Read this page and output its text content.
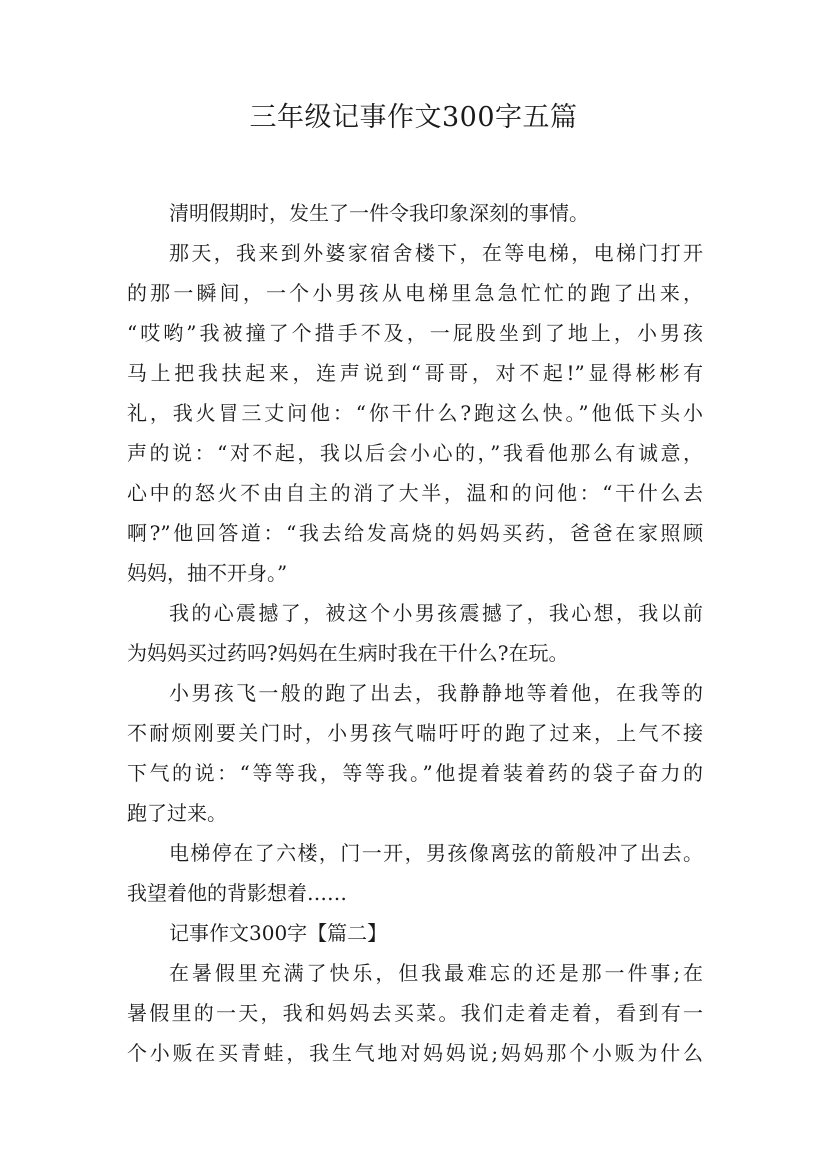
三年级记事作文300字五篇
清明假期时，发生了一件令我印象深刻的事情。
那天，我来到外婆家宿舍楼下，在等电梯，电梯门打开
的那一瞬间，一个小男孩从电梯里急急忙忙的跑了出来，
“哎哟”我被撞了个措手不及，一屁股坐到了地上，小男孩
马上把我扶起来，连声说到“哥哥，对不起!”显得彬彬有
礼，我火冒三丈问他：“你干什么?跑这么快。”他低下头小
声的说：“对不起，我以后会小心的，”我看他那么有诚意，
心中的怒火不由自主的消了大半，温和的问他：“干什么去
啊?”他回答道：“我去给发高烧的妈妈买药，爸爸在家照顾
妈妈，抽不开身。”
我的心震撼了，被这个小男孩震撼了，我心想，我以前
为妈妈买过药吗?妈妈在生病时我在干什么?在玩。
小男孩飞一般的跑了出去，我静静地等着他，在我等的
不耐烦刚要关门时，小男孩气喘吁吁的跑了过来，上气不接
下气的说：“等等我，等等我。”他提着装着药的袋子奋力的
跑了过来。
电梯停在了六楼，门一开，男孩像离弦的箭般冲了出去。
我望着他的背影想着……
记事作文300字【篇二】
在暑假里充满了快乐，但我最难忘的还是那一件事;在
暑假里的一天，我和妈妈去买菜。我们走着走着，看到有一
个小贩在买青蛙，我生气地对妈妈说;妈妈那个小贩为什么
